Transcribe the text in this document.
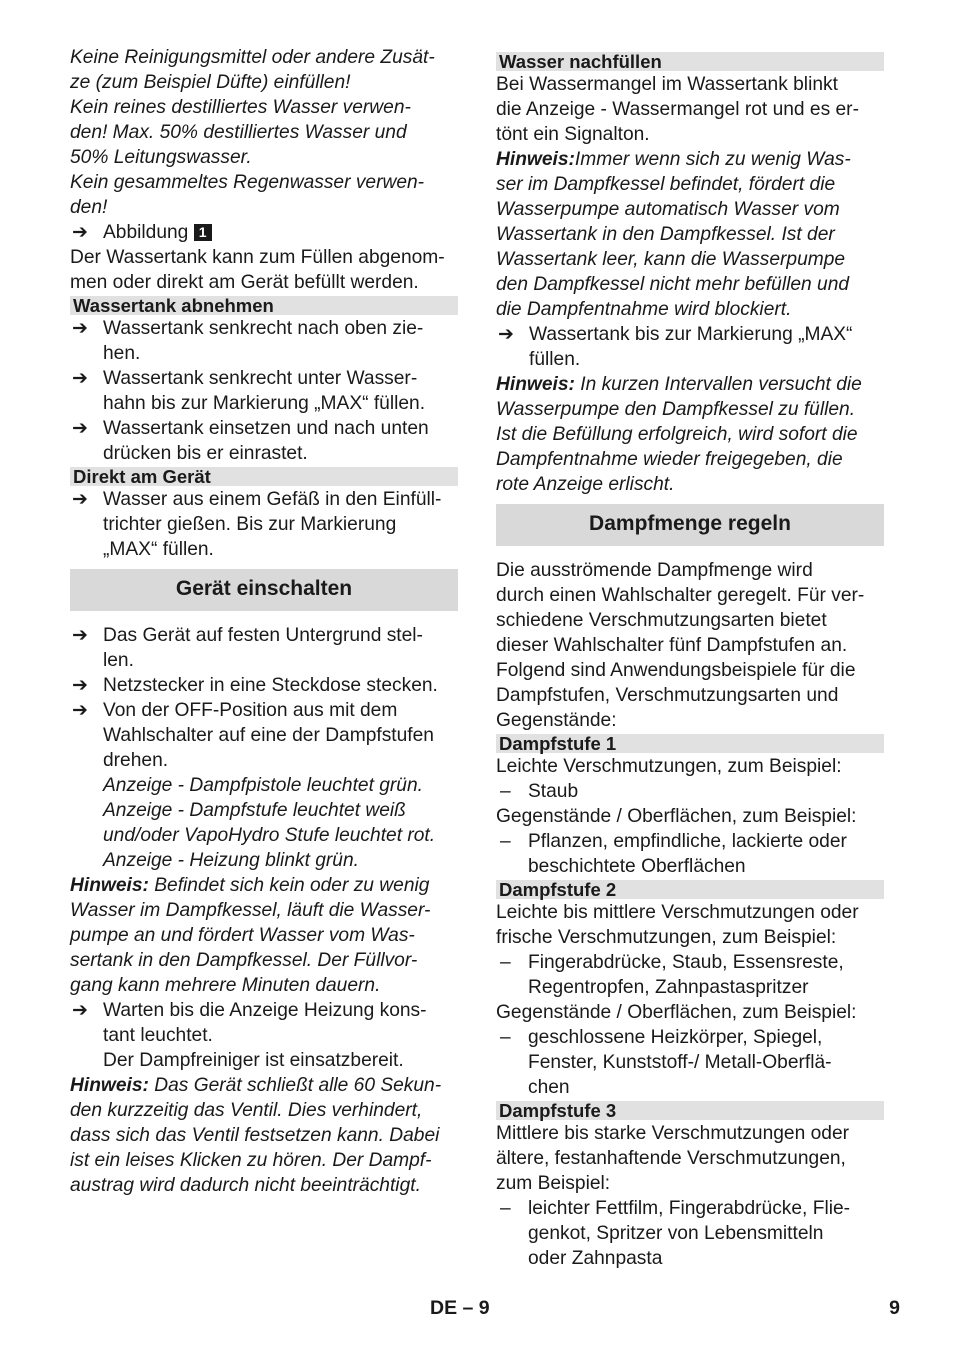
Keine Reinigungsmittel oder andere Zusät-
ze (zum Beispiel Düfte) einfüllen!
Kein reines destilliertes Wasser verwen-
den! Max. 50% destilliertes Wasser und
50% Leitungswasser.
Kein gesammeltes Regenwasser verwen-
den!
➔ Abbildung 1
Der Wassertank kann zum Füllen abgenom-
men oder direkt am Gerät befüllt werden.
Wassertank abnehmen
➔ Wassertank senkrecht nach oben zie-
hen.
➔ Wassertank senkrecht unter Wasser-
hahn bis zur Markierung „MAX“ füllen.
➔ Wassertank einsetzen und nach unten
drücken bis er einrastet.
Direkt am Gerät
➔ Wasser aus einem Gefäß in den Einfüll-
trichter gießen. Bis zur Markierung
„MAX“ füllen.
Gerät einschalten
➔ Das Gerät auf festen Untergrund stel-
len.
➔ Netzstecker in eine Steckdose stecken.
➔ Von der OFF-Position aus mit dem
Wahlschalter auf eine der Dampfstufen
drehen.
Anzeige - Dampfpistole leuchtet grün.
Anzeige - Dampfstufe leuchtet weiß
und/oder VapoHydro Stufe leuchtet rot.
Anzeige - Heizung blinkt grün.
Hinweis: Befindet sich kein oder zu wenig
Wasser im Dampfkessel, läuft die Wasser-
pumpe an und fördert Wasser vom Was-
sertank in den Dampfkessel. Der Füllvor-
gang kann mehrere Minuten dauern.
➔ Warten bis die Anzeige Heizung kons-
tant leuchtet.
Der Dampfreiniger ist einsatzbereit.
Hinweis: Das Gerät schließt alle 60 Sekun-
den kurzzeitig das Ventil. Dies verhindert,
dass sich das Ventil festsetzen kann. Dabei
ist ein leises Klicken zu hören. Der Dampf-
austrag wird dadurch nicht beeinträchtigt.
Wasser nachfüllen
Bei Wassermangel im Wassertank blinkt
die Anzeige - Wassermangel rot und es er-
tönt ein Signalton.
Hinweis:Immer wenn sich zu wenig Was-
ser im Dampfkessel befindet, fördert die
Wasserpumpe automatisch Wasser vom
Wassertank in den Dampfkessel. Ist der
Wassertank leer, kann die Wasserpumpe
den Dampfkessel nicht mehr befüllen und
die Dampfentnahme wird blockiert.
➔ Wassertank bis zur Markierung „MAX“
füllen.
Hinweis: In kurzen Intervallen versucht die
Wasserpumpe den Dampfkessel zu füllen.
Ist die Befüllung erfolgreich, wird sofort die
Dampfentnahme wieder freigegeben, die
rote Anzeige erlischt.
Dampfmenge regeln
Die ausströmende Dampfmenge wird
durch einen Wahlschalter geregelt. Für ver-
schiedene Verschmutzungsarten bietet
dieser Wahlschalter fünf Dampfstufen an.
Folgend sind Anwendungsbeispiele für die
Dampfstufen, Verschmutzungsarten und
Gegenstände:
Dampfstufe 1
Leichte Verschmutzungen, zum Beispiel:
– Staub
Gegenstände / Oberflächen, zum Beispiel:
– Pflanzen, empfindliche, lackierte oder
beschichtete Oberflächen
Dampfstufe 2
Leichte bis mittlere Verschmutzungen oder
frische Verschmutzungen, zum Beispiel:
– Fingerabdrücke, Staub, Essensreste,
Regentropfen, Zahnpastaspritzer
Gegenstände / Oberflächen, zum Beispiel:
– geschlossene Heizkörper, Spiegel,
Fenster, Kunststoff-/ Metall-Oberflä-
chen
Dampfstufe 3
Mittlere bis starke Verschmutzungen oder
ältere, festanhaftende Verschmutzungen,
zum Beispiel:
– leichter Fettfilm, Fingerabdrücke, Flie-
genkot, Spritzer von Lebensmitteln
oder Zahnpasta
DE – 9	9
